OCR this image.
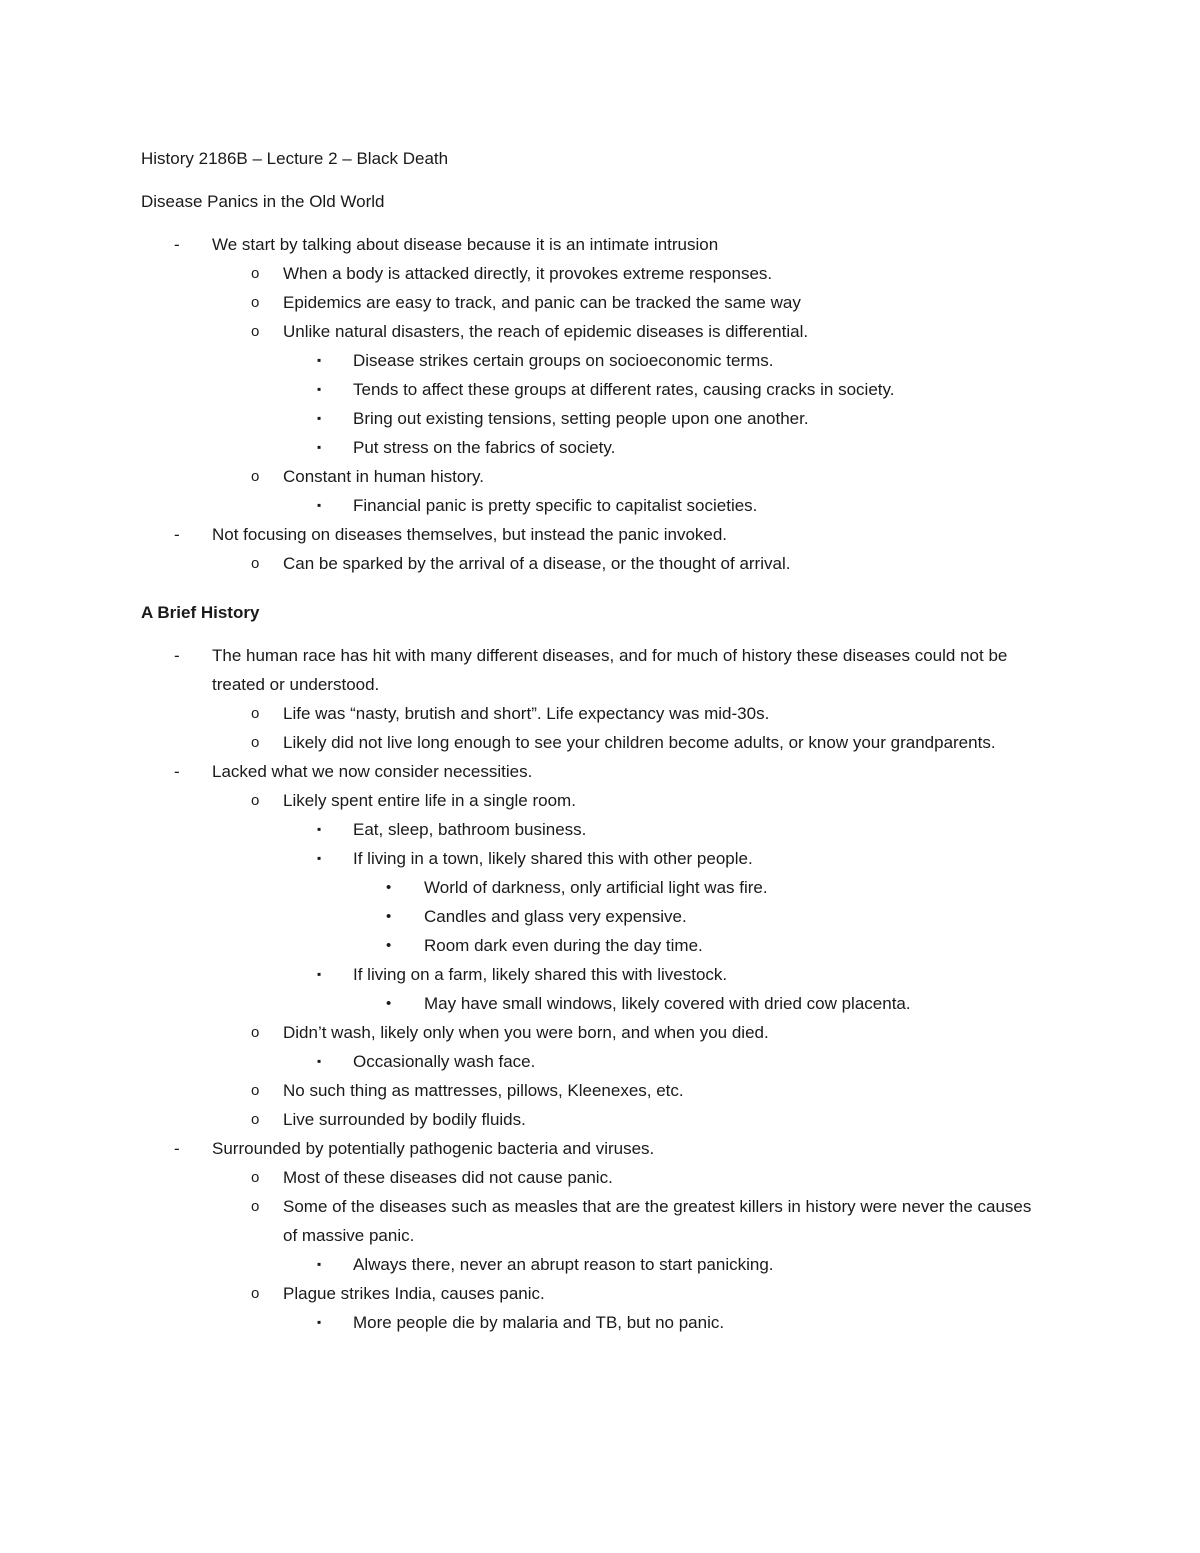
History 2186B – Lecture 2 – Black Death
Disease Panics in the Old World
-	We start by talking about disease because it is an intimate intrusion
o	When a body is attacked directly, it provokes extreme responses.
o	Epidemics are easy to track, and panic can be tracked the same way
o	Unlike natural disasters, the reach of epidemic diseases is differential.
▪	Disease strikes certain groups on socioeconomic terms.
▪	Tends to affect these groups at different rates, causing cracks in society.
▪	Bring out existing tensions, setting people upon one another.
▪	Put stress on the fabrics of society.
o	Constant in human history.
▪	Financial panic is pretty specific to capitalist societies.
-	Not focusing on diseases themselves, but instead the panic invoked.
o	Can be sparked by the arrival of a disease, or the thought of arrival.
A Brief History
-	The human race has hit with many different diseases, and for much of history these diseases could not be treated or understood.
o	Life was “nasty, brutish and short”. Life expectancy was mid-30s.
o	Likely did not live long enough to see your children become adults, or know your grandparents.
-	Lacked what we now consider necessities.
o	Likely spent entire life in a single room.
▪	Eat, sleep, bathroom business.
▪	If living in a town, likely shared this with other people.
•	World of darkness, only artificial light was fire.
•	Candles and glass very expensive.
•	Room dark even during the day time.
▪	If living on a farm, likely shared this with livestock.
•	May have small windows, likely covered with dried cow placenta.
o	Didn’t wash, likely only when you were born, and when you died.
▪	Occasionally wash face.
o	No such thing as mattresses, pillows, Kleenexes, etc.
o	Live surrounded by bodily fluids.
-	Surrounded by potentially pathogenic bacteria and viruses.
o	Most of these diseases did not cause panic.
o	Some of the diseases such as measles that are the greatest killers in history were never the causes of massive panic.
▪	Always there, never an abrupt reason to start panicking.
o	Plague strikes India, causes panic.
▪	More people die by malaria and TB, but no panic.
